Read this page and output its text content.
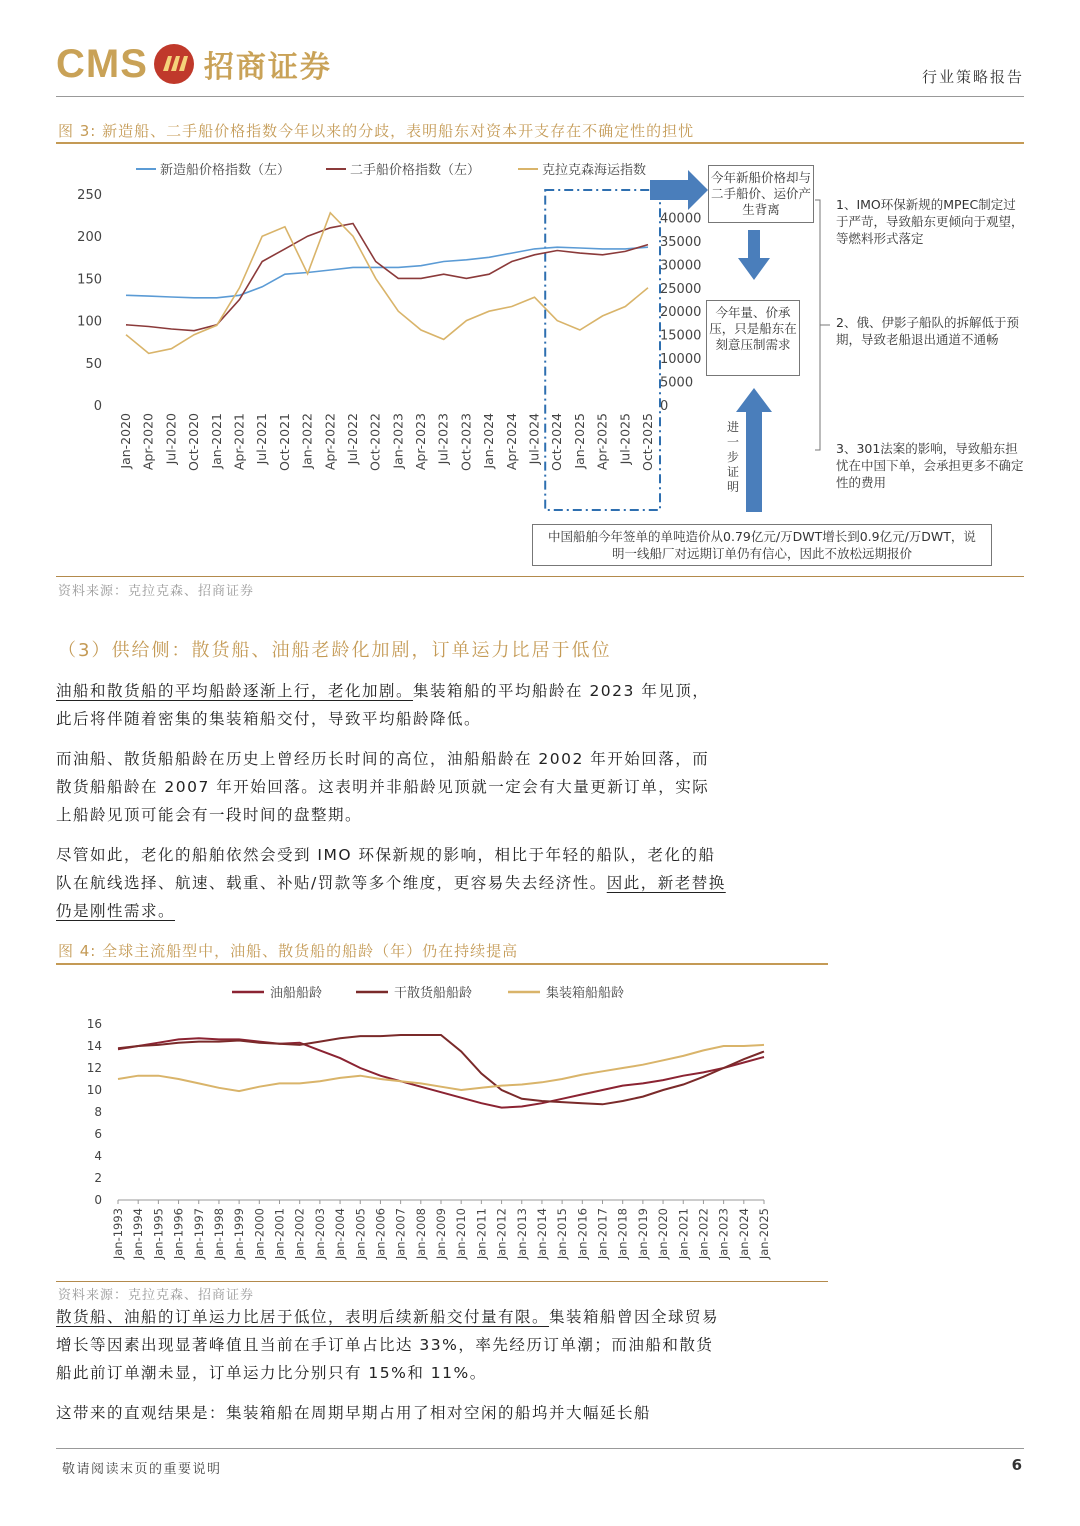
CMS 招商证券	行业策略报告
图 3: 新造船、二手船价格指数今年以来的分歧，表明船东对资本开支存在不确定性的担忧
新造船价格指数（左）	二手船价格指数（左）	克拉克森海运指数
0
50
100
150
200
250
0
5000
10000
15000
20000
25000
30000
35000
40000
Jan-2020 Apr-2020 Jul-2020 Oct-2020 Jan-2021 Apr-2021 Jul-2021 Oct-2021 Jan-2022 Apr-2022 Jul-2022 Oct-2022 Jan-2023 Apr-2023 Jul-2023 Oct-2023 Jan-2024 Apr-2024 Jul-2024 Oct-2024 Jan-2025 Apr-2025 Jul-2025 Oct-2025
今年新船价格却与二手船价、运价产生背离
今年量、价承压，只是船东在刻意压制需求
进一步证明
中国船舶今年签单的单吨造价从0.79亿元/万DWT增长到0.9亿元/万DWT，说明一线船厂对远期订单仍有信心，因此不放松远期报价
1、IMO环保新规的MPEC制定过于严苛，导致船东更倾向于观望，等燃料形式落定
2、俄、伊影子船队的拆解低于预期，导致老船退出通道不通畅
3、301法案的影响，导致船东担忧在中国下单，会承担更多不确定性的费用
资料来源：克拉克森、招商证券
（3）供给侧：散货船、油船老龄化加剧，订单运力比居于低位
油船和散货船的平均船龄逐渐上行，老化加剧。集装箱船的平均船龄在 2023 年见顶，此后将伴随着密集的集装箱船交付，导致平均船龄降低。
而油船、散货船船龄在历史上曾经历长时间的高位，油船船龄在 2002 年开始回落，而散货船船龄在 2007 年开始回落。这表明并非船龄见顶就一定会有大量更新订单，实际上船龄见顶可能会有一段时间的盘整期。
尽管如此，老化的船舶依然会受到 IMO 环保新规的影响，相比于年轻的船队，老化的船队在航线选择、航速、载重、补贴/罚款等多个维度，更容易失去经济性。因此，新老替换仍是刚性需求。
图 4: 全球主流船型中，油船、散货船的船龄（年）仍在持续提高
油船船龄	干散货船船龄	集装箱船船龄
0
2
4
6
8
10
12
14
16
Jan-1993 Jan-1994 Jan-1995 Jan-1996 Jan-1997 Jan-1998 Jan-1999 Jan-2000 Jan-2001 Jan-2002 Jan-2003 Jan-2004 Jan-2005 Jan-2006 Jan-2007 Jan-2008 Jan-2009 Jan-2010 Jan-2011 Jan-2012 Jan-2013 Jan-2014 Jan-2015 Jan-2016 Jan-2017 Jan-2018 Jan-2019 Jan-2020 Jan-2021 Jan-2022 Jan-2023 Jan-2024 Jan-2025
资料来源：克拉克森、招商证券
散货船、油船的订单运力比居于低位，表明后续新船交付量有限。集装箱船曾因全球贸易增长等因素出现显著峰值且当前在手订单占比达 33%，率先经历订单潮；而油船和散货船此前订单潮未显，订单运力比分别只有 15%和 11%。
这带来的直观结果是：集装箱船在周期早期占用了相对空闲的船坞并大幅延长船
敬请阅读末页的重要说明	6
